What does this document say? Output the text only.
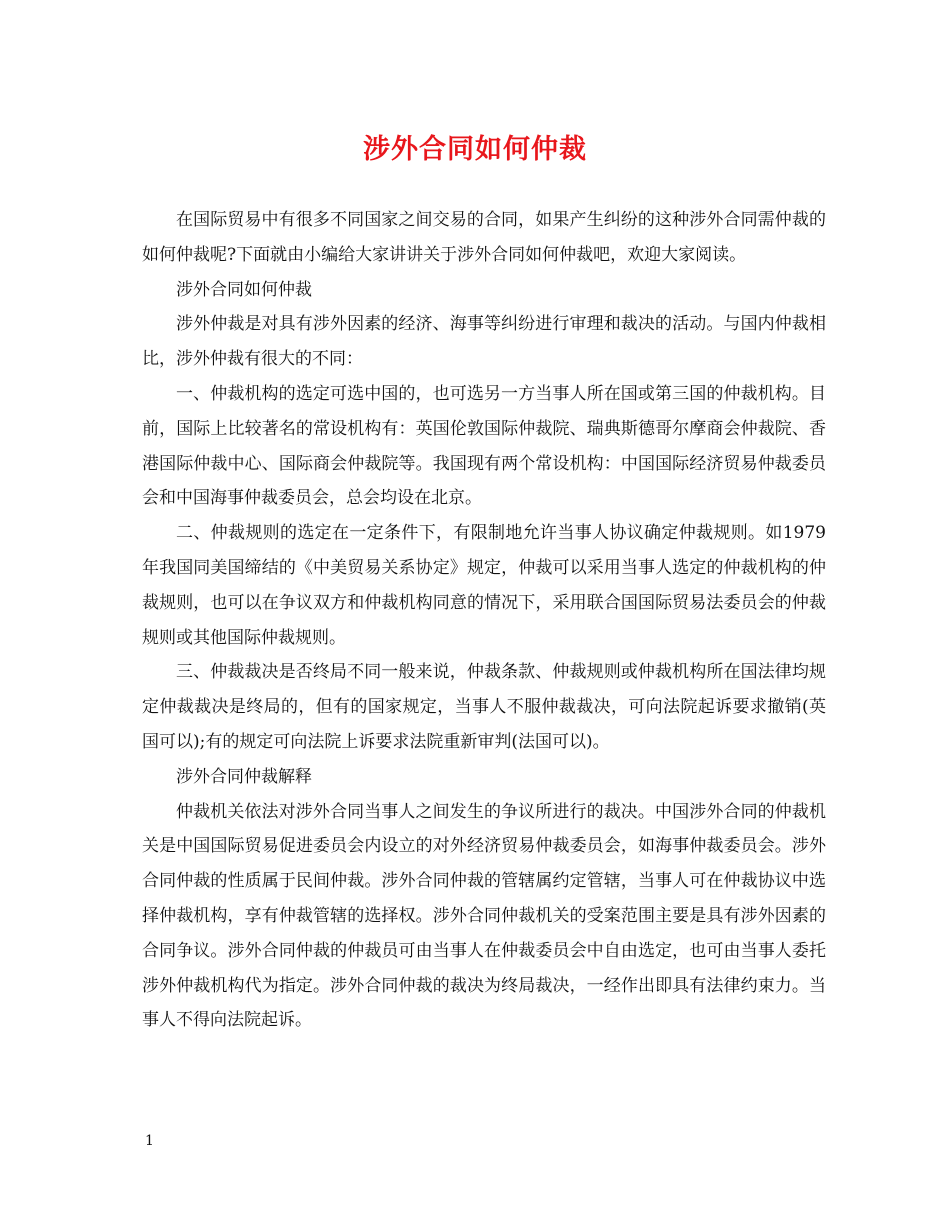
涉外合同如何仲裁

在国际贸易中有很多不同国家之间交易的合同，如果产生纠纷的这种涉外合同需仲裁的如何仲裁呢?下面就由小编给大家讲讲关于涉外合同如何仲裁吧，欢迎大家阅读。

涉外合同如何仲裁

涉外仲裁是对具有涉外因素的经济、海事等纠纷进行审理和裁决的活动。与国内仲裁相比，涉外仲裁有很大的不同：

一、仲裁机构的选定可选中国的，也可选另一方当事人所在国或第三国的仲裁机构。目前，国际上比较著名的常设机构有：英国伦敦国际仲裁院、瑞典斯德哥尔摩商会仲裁院、香港国际仲裁中心、国际商会仲裁院等。我国现有两个常设机构：中国国际经济贸易仲裁委员会和中国海事仲裁委员会，总会均设在北京。

二、仲裁规则的选定在一定条件下，有限制地允许当事人协议确定仲裁规则。如1979年我国同美国缔结的《中美贸易关系协定》规定，仲裁可以采用当事人选定的仲裁机构的仲裁规则，也可以在争议双方和仲裁机构同意的情况下，采用联合国国际贸易法委员会的仲裁规则或其他国际仲裁规则。

三、仲裁裁决是否终局不同一般来说，仲裁条款、仲裁规则或仲裁机构所在国法律均规定仲裁裁决是终局的，但有的国家规定，当事人不服仲裁裁决，可向法院起诉要求撤销(英国可以);有的规定可向法院上诉要求法院重新审判(法国可以)。

涉外合同仲裁解释

仲裁机关依法对涉外合同当事人之间发生的争议所进行的裁决。中国涉外合同的仲裁机关是中国国际贸易促进委员会内设立的对外经济贸易仲裁委员会，如海事仲裁委员会。涉外合同仲裁的性质属于民间仲裁。涉外合同仲裁的管辖属约定管辖，当事人可在仲裁协议中选择仲裁机构，享有仲裁管辖的选择权。涉外合同仲裁机关的受案范围主要是具有涉外因素的合同争议。涉外合同仲裁的仲裁员可由当事人在仲裁委员会中自由选定，也可由当事人委托涉外仲裁机构代为指定。涉外合同仲裁的裁决为终局裁决，一经作出即具有法律约束力。当事人不得向法院起诉。

1
